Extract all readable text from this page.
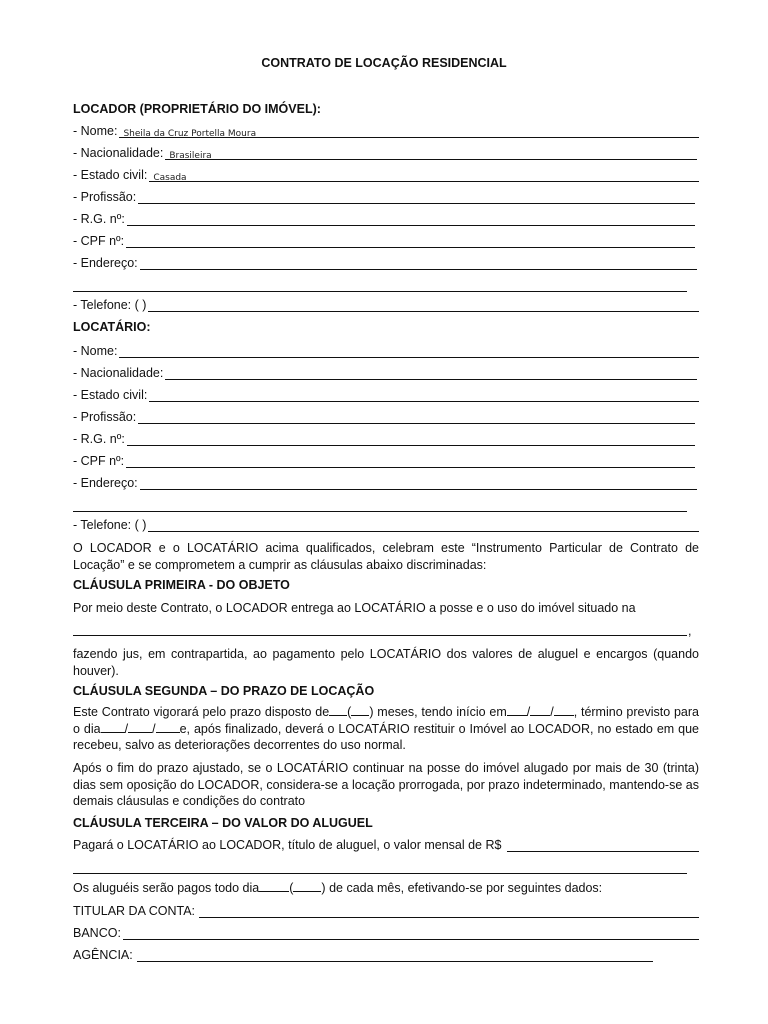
CONTRATO DE LOCAÇÃO RESIDENCIAL
LOCADOR (PROPRIETÁRIO DO IMÓVEL):
- Nome: Sheila da Cruz Portella Moura
- Nacionalidade: Brasileira
- Estado civil: Casada
- Profissão:
- R.G. nº:
- CPF nº:
- Endereço:
- Telefone: ( )
LOCATÁRIO:
- Nome:
- Nacionalidade:
- Estado civil:
- Profissão:
- R.G. nº:
- CPF nº:
- Endereço:
- Telefone: ( )
O LOCADOR e o LOCATÁRIO acima qualificados, celebram este “Instrumento Particular de Contrato de Locação” e se comprometem a cumprir as cláusulas abaixo discriminadas:
CLÁUSULA PRIMEIRA - DO OBJETO
Por meio deste Contrato, o LOCADOR entrega ao LOCATÁRIO a posse e o uso do imóvel situado na
,
fazendo jus, em contrapartida, ao pagamento pelo LOCATÁRIO dos valores de aluguel e encargos (quando houver).
CLÁUSULA SEGUNDA – DO PRAZO DE LOCAÇÃO
Este Contrato vigorará pelo prazo disposto de ( ) meses, tendo início em / / , término previsto para o dia / / e, após finalizado, deverá o LOCATÁRIO restituir o Imóvel ao LOCADOR, no estado em que recebeu, salvo as deteriorações decorrentes do uso normal.
Após o fim do prazo ajustado, se o LOCATÁRIO continuar na posse do imóvel alugado por mais de 30 (trinta) dias sem oposição do LOCADOR, considera-se a locação prorrogada, por prazo indeterminado, mantendo-se as demais cláusulas e condições do contrato
CLÁUSULA TERCEIRA – DO VALOR DO ALUGUEL
Pagará o LOCATÁRIO ao LOCADOR, título de aluguel, o valor mensal de R$
Os aluguéis serão pagos todo dia ( ) de cada mês, efetivando-se por seguintes dados:
TITULAR DA CONTA:
BANCO:
AGÊNCIA:
